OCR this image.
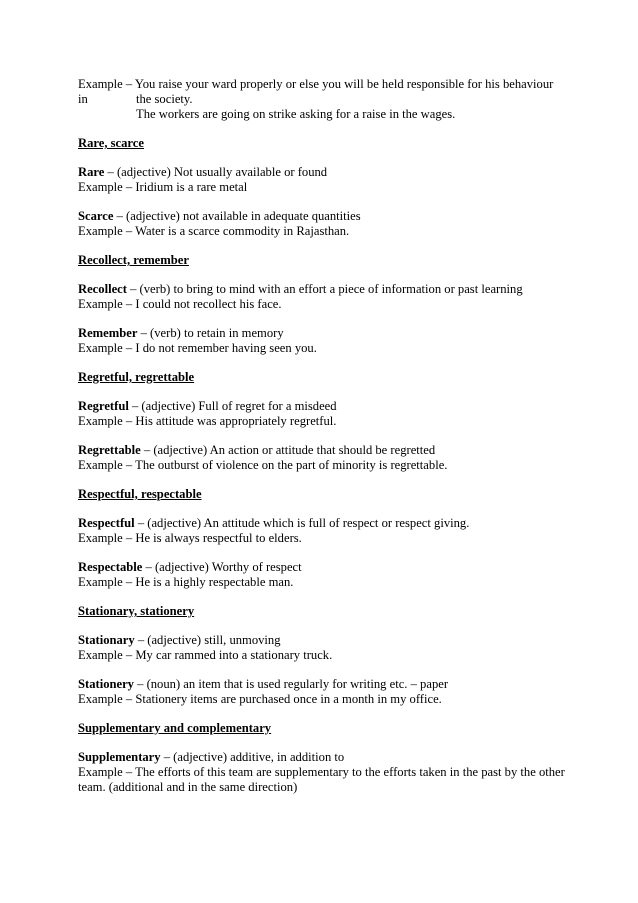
Example – You raise your ward properly or else you will be held responsible for his behaviour
in	the society.
The workers are going on strike asking for a raise in the wages.
Rare, scarce
Rare – (adjective) Not usually available or found
Example – Iridium is a rare metal
Scarce – (adjective) not available in adequate quantities
Example – Water is a scarce commodity in Rajasthan.
Recollect, remember
Recollect – (verb) to bring to mind with an effort a piece of information or past learning
Example – I could not recollect his face.
Remember – (verb) to retain in memory
Example – I do not remember having seen you.
Regretful, regrettable
Regretful – (adjective) Full of regret for a misdeed
Example – His attitude was appropriately regretful.
Regrettable – (adjective) An action or attitude that should be regretted
Example – The outburst of violence on the part of minority is regrettable.
Respectful, respectable
Respectful – (adjective) An attitude which is full of respect or respect giving.
Example – He is always respectful to elders.
Respectable – (adjective) Worthy of respect
Example – He is a highly respectable man.
Stationary, stationery
Stationary – (adjective) still, unmoving
Example – My car rammed into a stationary truck.
Stationery – (noun) an item that is used regularly for writing etc. – paper
Example – Stationery items are purchased once in a month in my office.
Supplementary and complementary
Supplementary – (adjective) additive, in addition to
Example – The efforts of this team are supplementary to the efforts taken in the past by the other
team. (additional and in the same direction)
